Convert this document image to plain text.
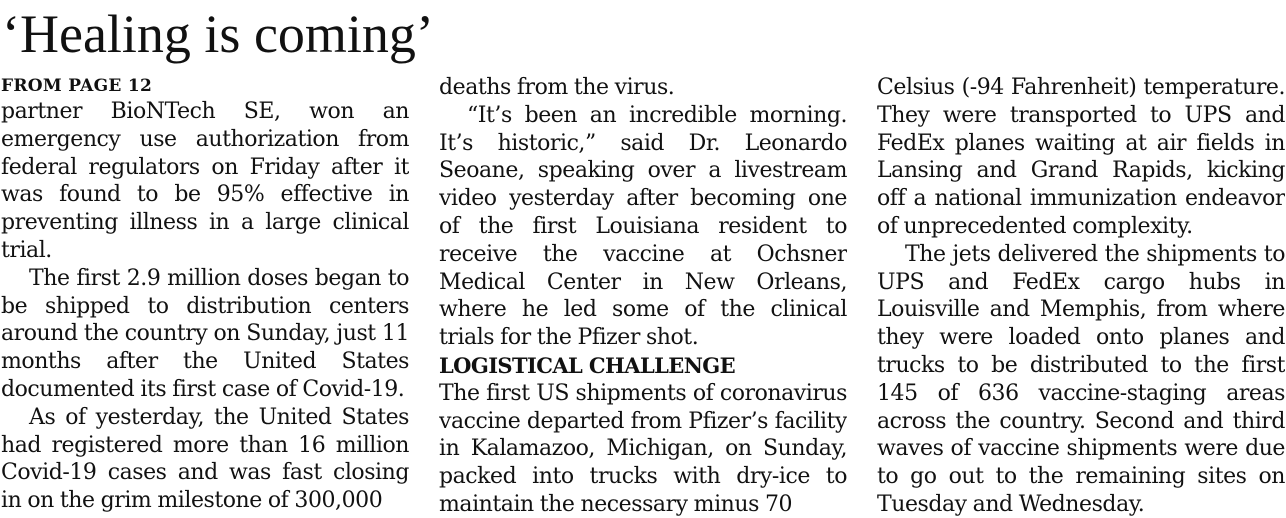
‘Healing is coming’
FROM PAGE 12

partner BioNTech SE, won an emergency use authorization from federal regulators on Friday after it was found to be 95% effective in preventing illness in a large clinical trial.

The first 2.9 million doses began to be shipped to distribution centers around the country on Sunday, just 11 months after the United States documented its first case of Covid-19.

As of yesterday, the United States had registered more than 16 million Covid-19 cases and was fast closing in on the grim milestone of 300,000

deaths from the virus.

“It’s been an incredible morning. It’s historic,” said Dr. Leonardo Seoane, speaking over a livestream video yesterday after becoming one of the first Louisiana resident to receive the vaccine at Ochsner Medical Center in New Orleans, where he led some of the clinical trials for the Pfizer shot.

LOGISTICAL CHALLENGE

The first US shipments of coronavirus vaccine departed from Pfizer’s facility in Kalamazoo, Michigan, on Sunday, packed into trucks with dry-ice to maintain the necessary minus 70

Celsius (-94 Fahrenheit) temperature. They were transported to UPS and FedEx planes waiting at air fields in Lansing and Grand Rapids, kicking off a national immunization endeavor of unprecedented complexity.

The jets delivered the shipments to UPS and FedEx cargo hubs in Louisville and Memphis, from where they were loaded onto planes and trucks to be distributed to the first 145 of 636 vaccine-staging areas across the country. Second and third waves of vaccine shipments were due to go out to the remaining sites on Tuesday and Wednesday.
